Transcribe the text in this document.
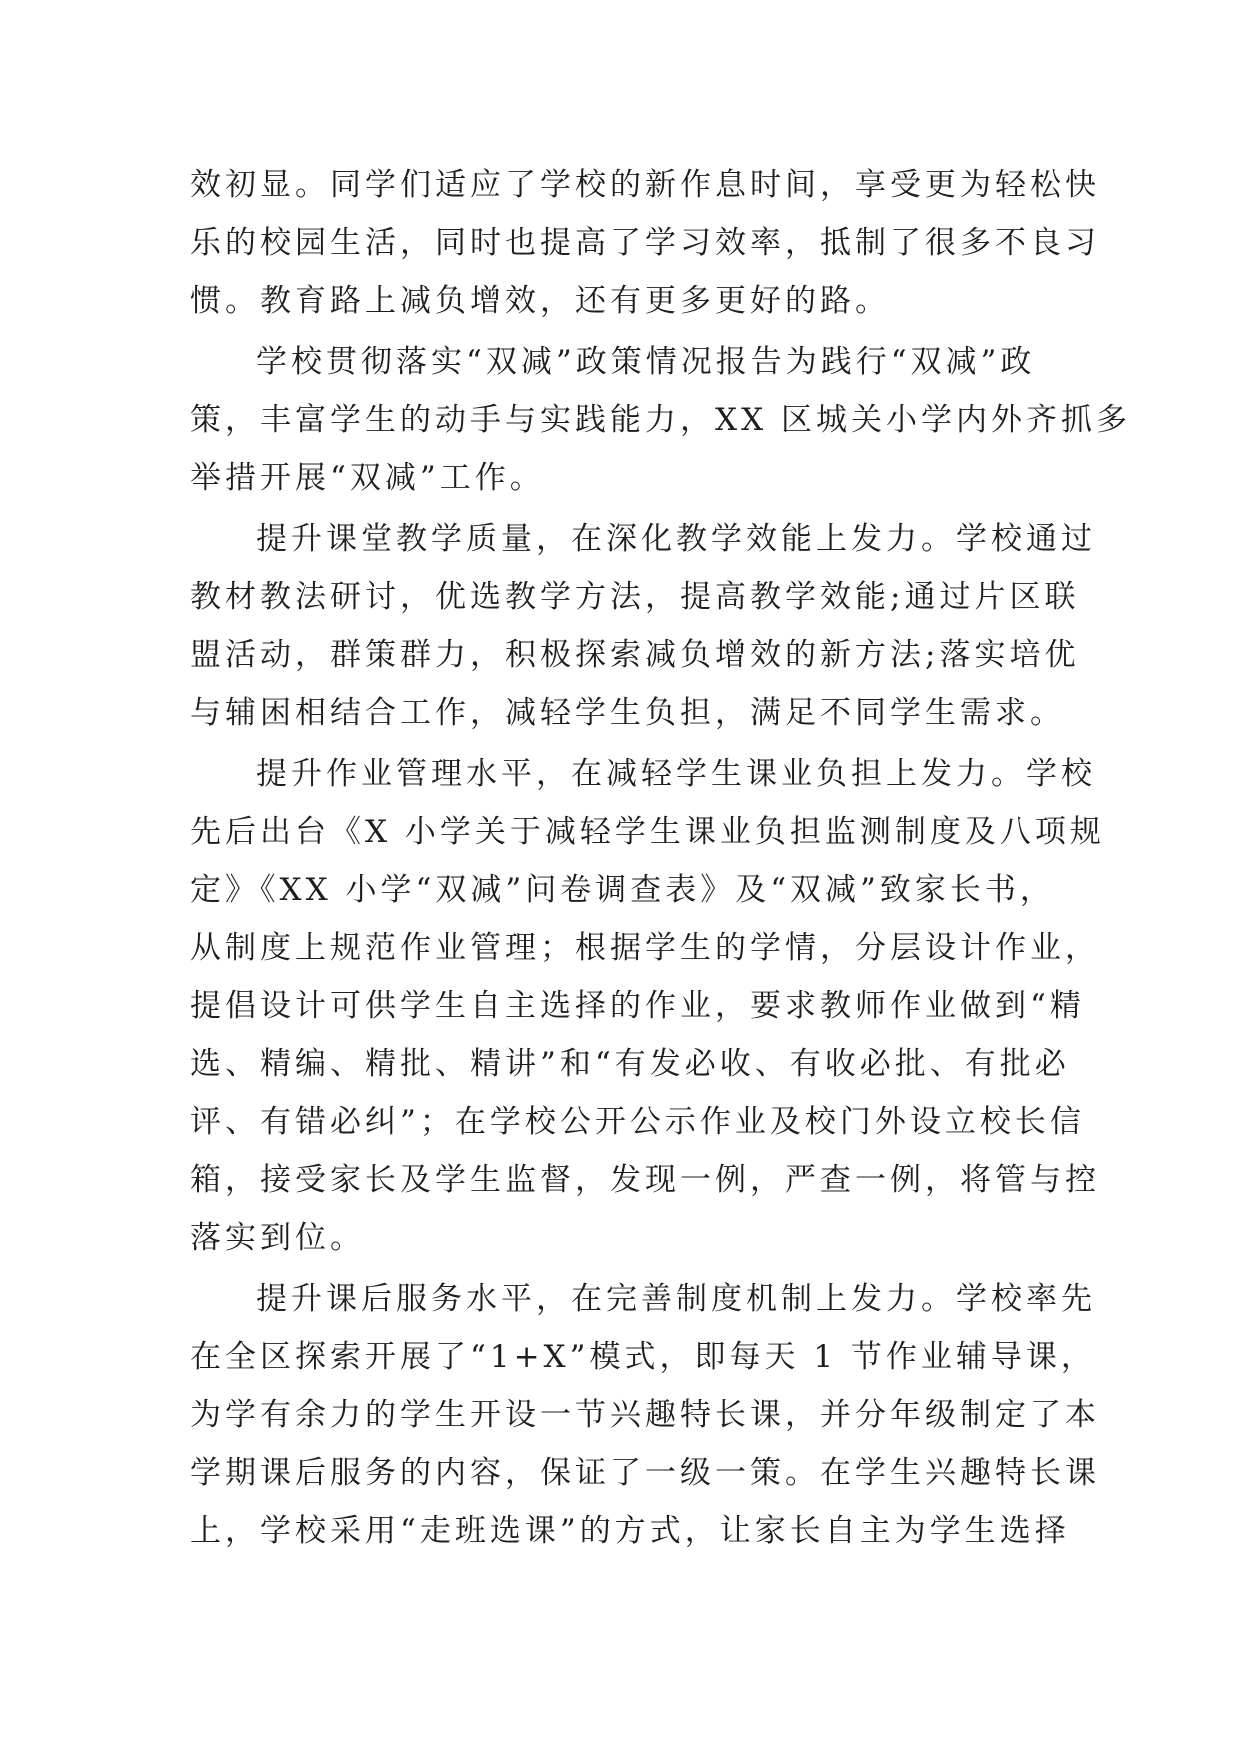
效初显。同学们适应了学校的新作息时间，享受更为轻松快
乐的校园生活，同时也提高了学习效率，抵制了很多不良习
惯。教育路上减负增效，还有更多更好的路。
学校贯彻落实“双减”政策情况报告为践行“双减”政
策，丰富学生的动手与实践能力，XX 区城关小学内外齐抓多
举措开展“双减”工作。
提升课堂教学质量，在深化教学效能上发力。学校通过
教材教法研讨，优选教学方法，提高教学效能;通过片区联
盟活动，群策群力，积极探索减负增效的新方法;落实培优
与辅困相结合工作，减轻学生负担，满足不同学生需求。
提升作业管理水平，在减轻学生课业负担上发力。学校
先后出台《X 小学关于减轻学生课业负担监测制度及八项规
定》《XX 小学“双减”问卷调查表》及“双减”致家长书，
从制度上规范作业管理；根据学生的学情，分层设计作业，
提倡设计可供学生自主选择的作业，要求教师作业做到“精
选、精编、精批、精讲”和“有发必收、有收必批、有批必
评、有错必纠”；在学校公开公示作业及校门外设立校长信
箱，接受家长及学生监督，发现一例，严查一例，将管与控
落实到位。
提升课后服务水平，在完善制度机制上发力。学校率先
在全区探索开展了“1+X”模式，即每天 1 节作业辅导课，
为学有余力的学生开设一节兴趣特长课，并分年级制定了本
学期课后服务的内容，保证了一级一策。在学生兴趣特长课
上，学校采用“走班选课”的方式，让家长自主为学生选择
